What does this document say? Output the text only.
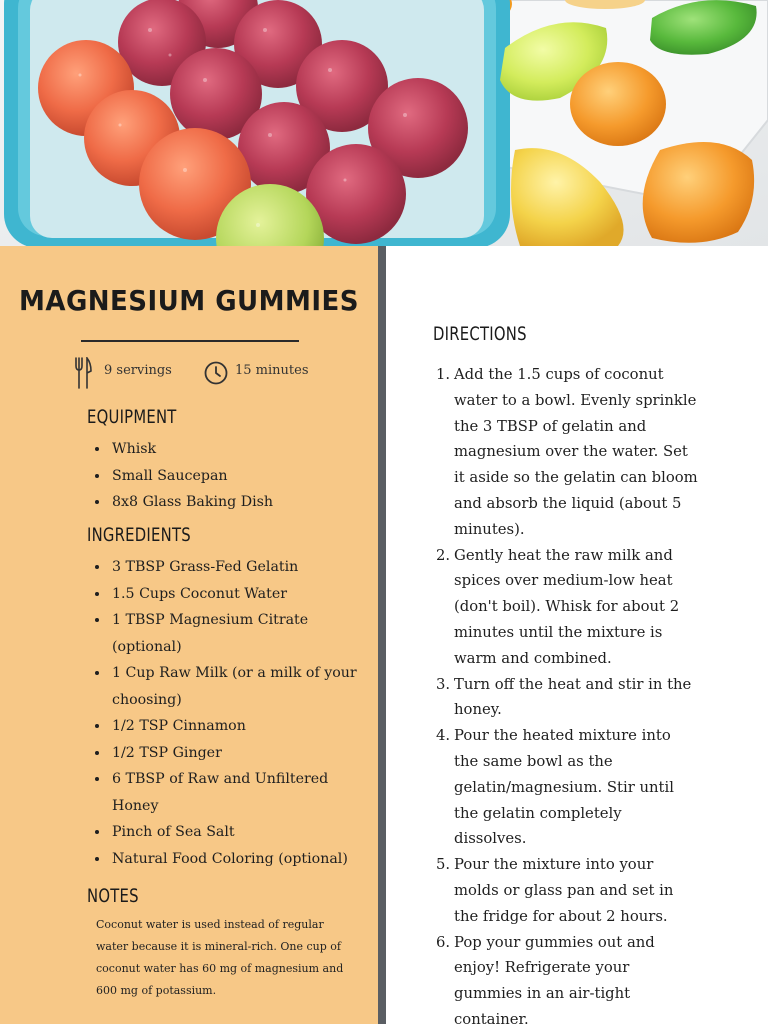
MAGNESIUM GUMMIES
9 servings	15 minutes
EQUIPMENT
• Whisk
• Small Saucepan
• 8x8 Glass Baking Dish
INGREDIENTS
• 3 TBSP Grass-Fed Gelatin
• 1.5 Cups Coconut Water
• 1 TBSP Magnesium Citrate (optional)
• 1 Cup Raw Milk (or a milk of your choosing)
• 1/2 TSP Cinnamon
• 1/2 TSP Ginger
• 6 TBSP of Raw and Unfiltered Honey
• Pinch of Sea Salt
• Natural Food Coloring (optional)
NOTES
Coconut water is used instead of regular water because it is mineral-rich. One cup of coconut water has 60 mg of magnesium and 600 mg of potassium.
DIRECTIONS
1. Add the 1.5 cups of coconut water to a bowl. Evenly sprinkle the 3 TBSP of gelatin and magnesium over the water. Set it aside so the gelatin can bloom and absorb the liquid (about 5 minutes).
2. Gently heat the raw milk and spices over medium-low heat (don't boil). Whisk for about 2 minutes until the mixture is warm and combined.
3. Turn off the heat and stir in the honey.
4. Pour the heated mixture into the same bowl as the gelatin/magnesium. Stir until the gelatin completely dissolves.
5. Pour the mixture into your molds or glass pan and set in the fridge for about 2 hours.
6. Pop your gummies out and enjoy! Refrigerate your gummies in an air-tight container.
